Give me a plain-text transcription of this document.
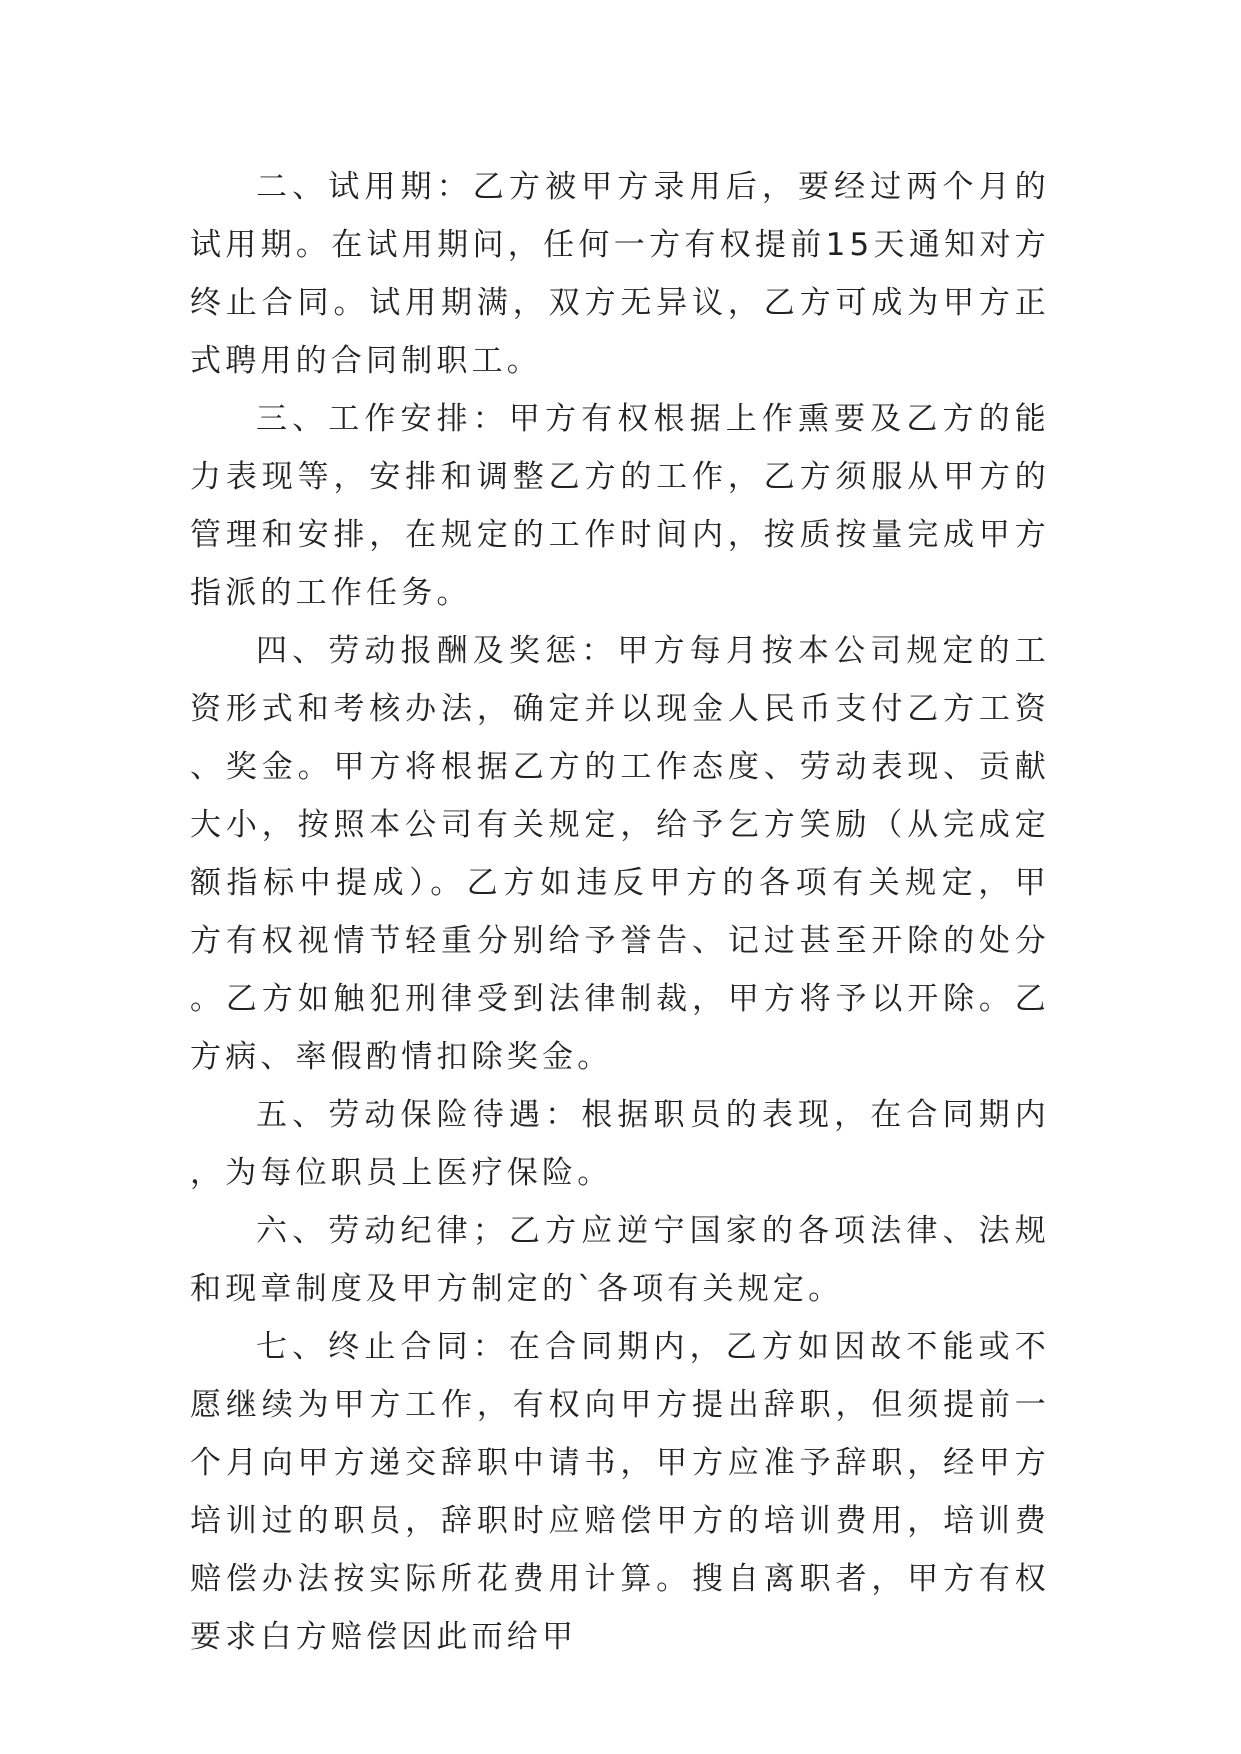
二、试用期：乙方被甲方录用后，要经过两个月的试用期。在试用期问，任何一方有权提前15天通知对方终止合同。试用期满，双方无异议，乙方可成为甲方正式聘用的合同制职工。

三、工作安排：甲方有权根据上作熏要及乙方的能力表现等，安排和调整乙方的工作，乙方须服从甲方的管理和安排，在规定的工作时间内，按质按量完成甲方指派的工作任务。

四、劳动报酬及奖惩：甲方每月按本公司规定的工资形式和考核办法，确定并以现金人民币支付乙方工资、奖金。甲方将根据乙方的工作态度、劳动表现、贡献大小，按照本公司有关规定，给予乞方笑励（从完成定额指标中提成）。乙方如违反甲方的各项有关规定，甲方有权视情节轻重分别给予誉告、记过甚至开除的处分。乙方如触犯刑律受到法律制裁，甲方将予以开除。乙方病、率假酌情扣除奖金。

五、劳动保险待遇：根据职员的表现，在合同期内，为每位职员上医疗保险。

六、劳动纪律；乙方应逆宁国家的各项法律、法规和现章制度及甲方制定的`各项有关规定。

七、终止合同：在合同期内，乙方如因故不能或不愿继续为甲方工作，有权向甲方提出辞职，但须提前一个月向甲方递交辞职中请书，甲方应准予辞职，经甲方培训过的职员，辞职时应赔偿甲方的培训费用，培训费赔偿办法按实际所花费用计算。搜自离职者，甲方有权要求白方赔偿因此而给甲
